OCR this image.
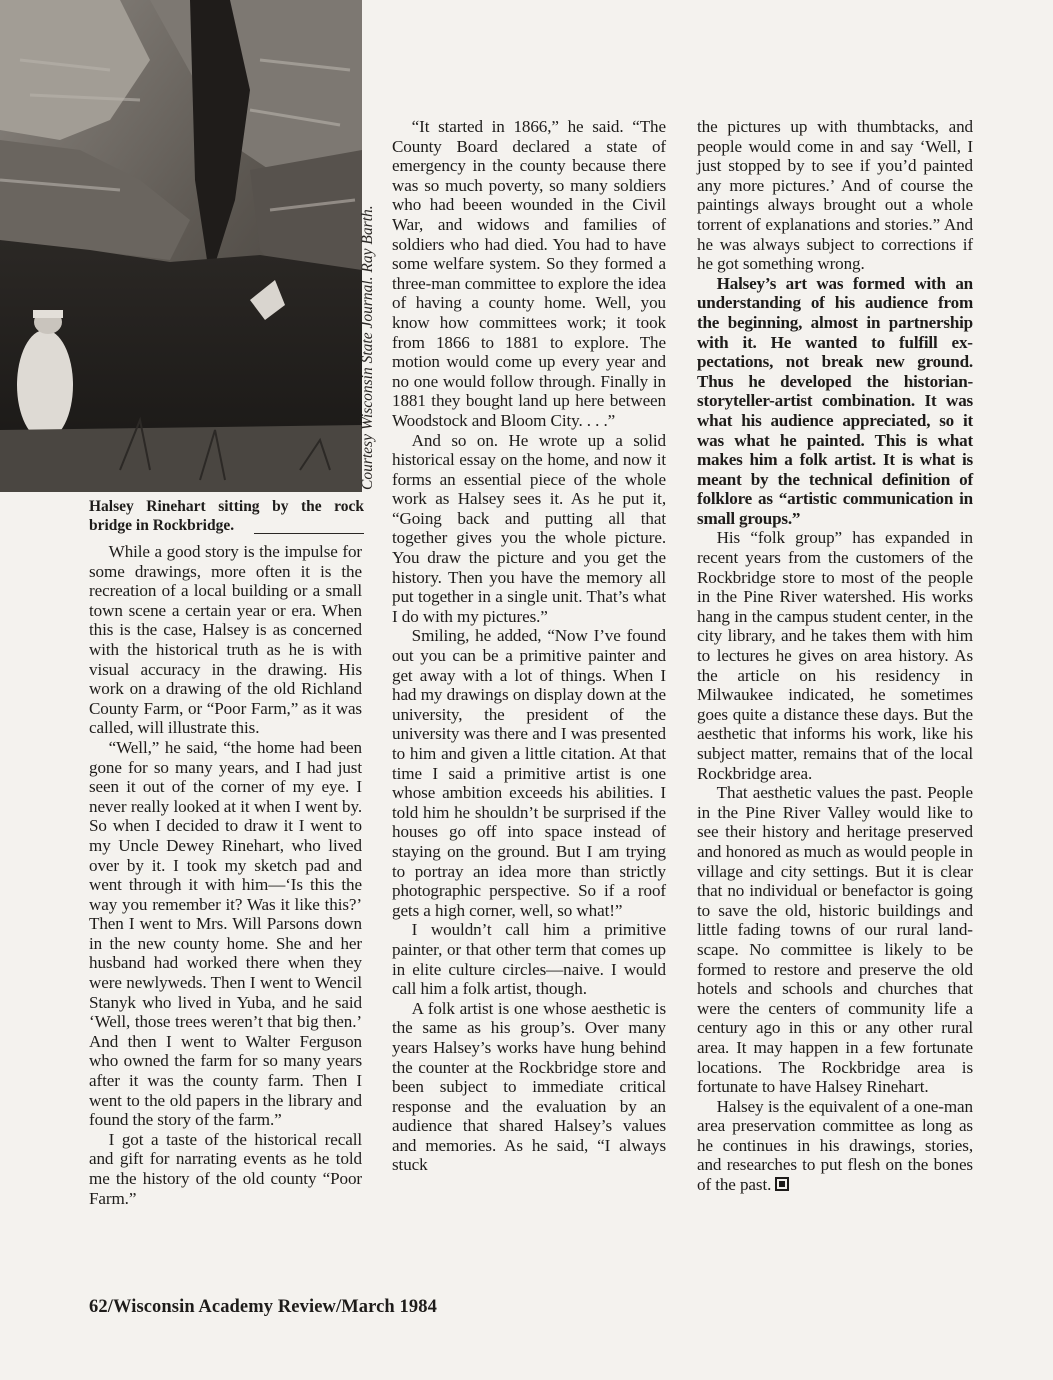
Courtesy Wisconsin State Journal. Ray Barth.
Halsey Rinehart sitting by the rock bridge in Rockbridge.

While a good story is the impulse for some drawings, more often it is the recreation of a local building or a small town scene a certain year or era. When this is the case, Halsey is as concerned with the historical truth as he is with visual accuracy in the drawing. His work on a drawing of the old Richland County Farm, or “Poor Farm,” as it was called, will illustrate this.

“Well,” he said, “the home had been gone for so many years, and I had just seen it out of the corner of my eye. I never really looked at it when I went by. So when I decided to draw it I went to my Uncle Dewey Rinehart, who lived over by it. I took my sketch pad and went through it with him—‘Is this the way you remember it? Was it like this?’ Then I went to Mrs. Will Parsons down in the new county home. She and her husband had worked there when they were newlyweds. Then I went to Wencil Stanyk who lived in Yuba, and he said ‘Well, those trees weren’t that big then.’ And then I went to Walter Ferguson who owned the farm for so many years after it was the county farm. Then I went to the old papers in the library and found the story of the farm.”

I got a taste of the historical recall and gift for narrating events as he told me the history of the old county “Poor Farm.”

“It started in 1866,” he said. “The County Board declared a state of emergency in the county because there was so much poverty, so many soldiers who had beeen wounded in the Civil War, and widows and families of soldiers who had died. You had to have some welfare system. So they formed a three-man committee to explore the idea of having a county home. Well, you know how committees work; it took from 1866 to 1881 to explore. The motion would come up every year and no one would follow through. Finally in 1881 they bought land up here between Woodstock and Bloom City. . . .”

And so on. He wrote up a solid historical essay on the home, and now it forms an essential piece of the whole work as Halsey sees it. As he put it, “Going back and putting all that together gives you the whole picture. You draw the picture and you get the history. Then you have the memory all put together in a single unit. That’s what I do with my pictures.”

Smiling, he added, “Now I’ve found out you can be a primitive painter and get away with a lot of things. When I had my drawings on display down at the university, the president of the university was there and I was presented to him and given a little citation. At that time I said a primitive artist is one whose ambition exceeds his abilities. I told him he shouldn’t be surprised if the houses go off into space instead of staying on the ground. But I am trying to portray an idea more than strictly photographic perspective. So if a roof gets a high corner, well, so what!”

I wouldn’t call him a primitive painter, or that other term that comes up in elite culture circles—naive. I would call him a folk artist, though.

A folk artist is one whose aesthetic is the same as his group’s. Over many years Halsey’s works have hung behind the counter at the Rockbridge store and been subject to immediate critical response and the evaluation by an audience that shared Halsey’s values and memories. As he said, “I always stuck

the pictures up with thumbtacks, and people would come in and say ‘Well, I just stopped by to see if you’d painted any more pictures.’ And of course the paintings always brought out a whole torrent of explanations and stories.” And he was always subject to corrections if he got something wrong.

Halsey’s art was formed with an understanding of his audience from the beginning, almost in partnership with it. He wanted to fulfill expectations, not break new ground. Thus he developed the historian-storyteller-artist combination. It was what his audience appreciated, so it was what he painted. This is what makes him a folk artist. It is what is meant by the technical definition of folklore as “artistic communication in small groups.”

His “folk group” has expanded in recent years from the customers of the Rockbridge store to most of the people in the Pine River watershed. His works hang in the campus student center, in the city library, and he takes them with him to lectures he gives on area history. As the article on his residency in Milwaukee indicated, he sometimes goes quite a distance these days. But the aesthetic that informs his work, like his subject matter, remains that of the local Rockbridge area.

That aesthetic values the past. People in the Pine River Valley would like to see their history and heritage preserved and honored as much as would people in village and city settings. But it is clear that no individual or benefactor is going to save the old, historic buildings and little fading towns of our rural landscape. No committee is likely to be formed to restore and preserve the old hotels and schools and churches that were the centers of community life a century ago in this or any other rural area. It may happen in a few fortunate locations. The Rockbridge area is fortunate to have Halsey Rinehart.

Halsey is the equivalent of a one-man area preservation committee as long as he continues in his drawings, stories, and researches to put flesh on the bones of the past.

62/Wisconsin Academy Review/March 1984
